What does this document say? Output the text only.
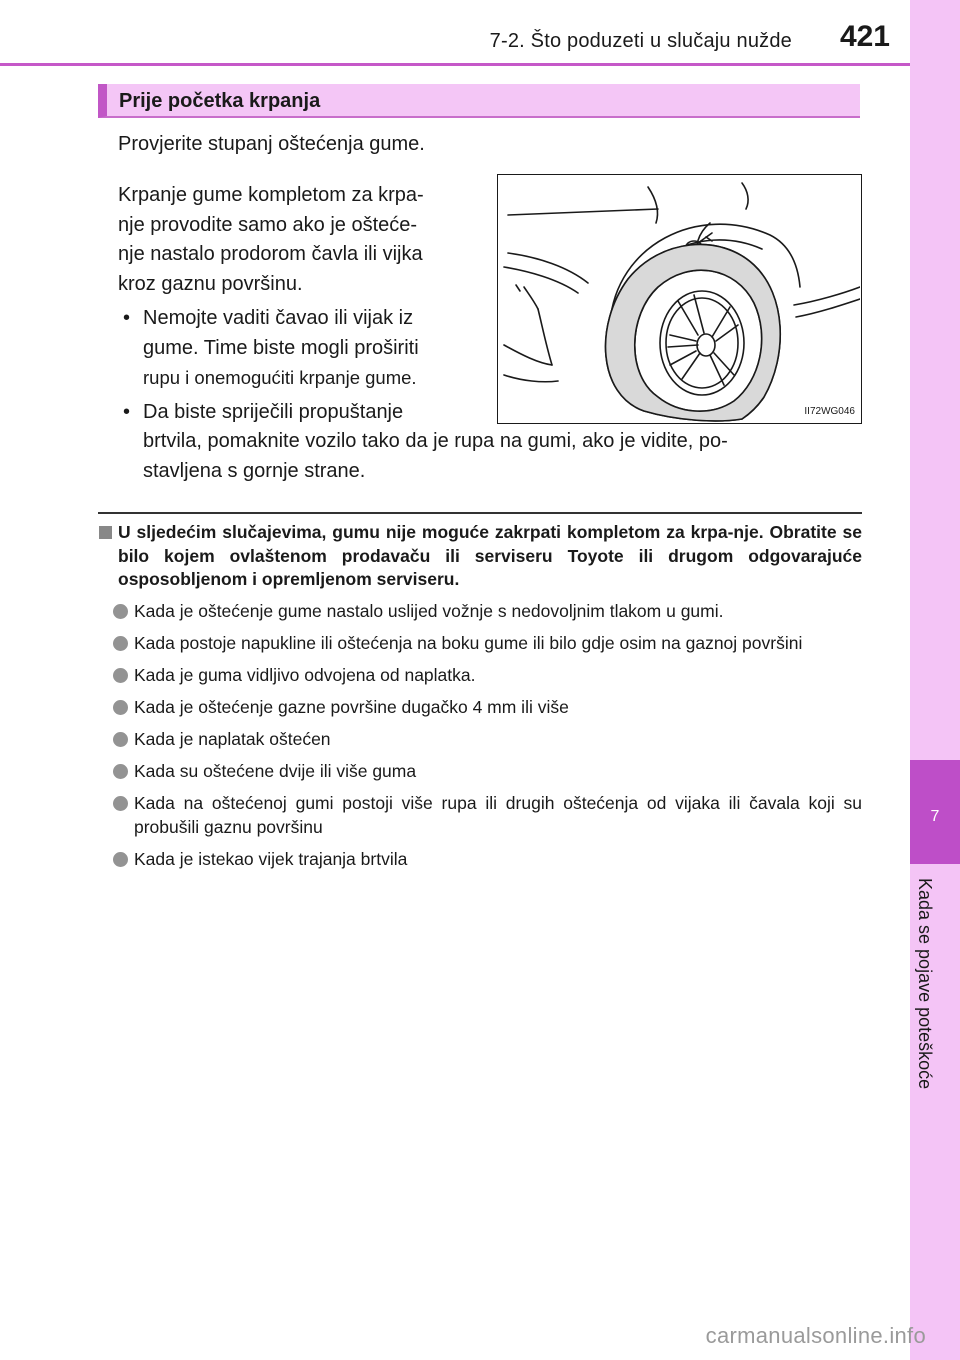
7-2. Što poduzeti u slučaju nužde 421
7
Kada se pojave poteškoće
Prije početka krpanja
Provjerite stupanj oštećenja gume.
Krpanje gume kompletom za krpa-
nje provodite samo ako je ošteće-
nje nastalo prodorom čavla ili vijka
kroz gaznu površinu.
• Nemojte vaditi čavao ili vijak iz
gume. Time biste mogli proširiti
rupu i onemogućiti krpanje gume.
• Da biste spriječili propuštanje
brtvila, pomaknite vozilo tako da je rupa na gumi, ako je vidite, po-
stavljena s gornje strane.
II72WG046
U sljedećim slučajevima, gumu nije moguće zakrpati kompletom za krpa-nje. Obratite se bilo kojem ovlaštenom prodavaču ili serviseru Toyote ili drugom odgovarajuće osposobljenom i opremljenom serviseru.
Kada je oštećenje gume nastalo uslijed vožnje s nedovoljnim tlakom u gumi.
Kada postoje napukline ili oštećenja na boku gume ili bilo gdje osim na gaznoj površini
Kada je guma vidljivo odvojena od naplatka.
Kada je oštećenje gazne površine dugačko 4 mm ili više
Kada je naplatak oštećen
Kada su oštećene dvije ili više guma
Kada na oštećenoj gumi postoji više rupa ili drugih oštećenja od vijaka ili čavala koji su probušili gaznu površinu
Kada je istekao vijek trajanja brtvila
carmanualsonline.info
